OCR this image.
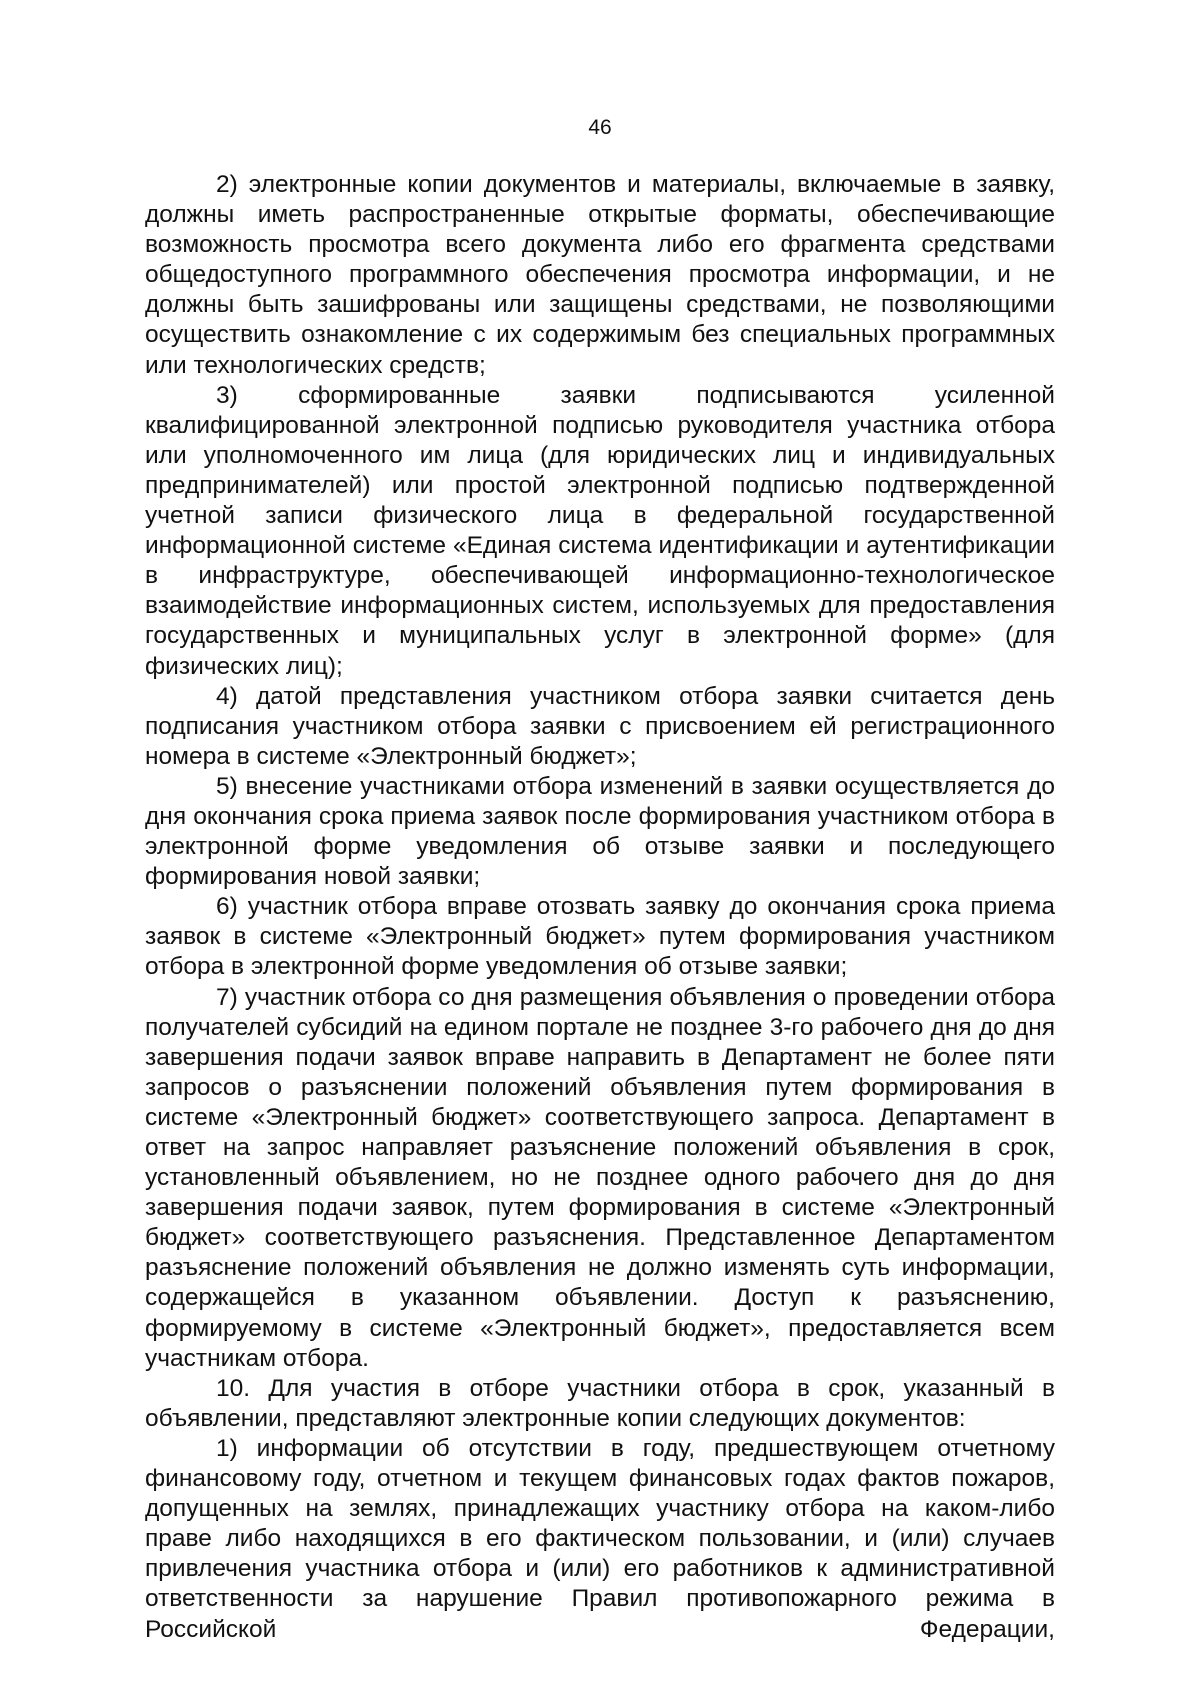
46

2) электронные копии документов и материалы, включаемые в заявку, должны иметь распространенные открытые форматы, обеспечивающие возможность просмотра всего документа либо его фрагмента средствами общедоступного программного обеспечения просмотра информации, и не должны быть зашифрованы или защищены средствами, не позволяющими осуществить ознакомление с их содержимым без специальных программных или технологических средств;

3) сформированные заявки подписываются усиленной квалифицированной электронной подписью руководителя участника отбора или уполномоченного им лица (для юридических лиц и индивидуальных предпринимателей) или простой электронной подписью подтвержденной учетной записи физического лица в федеральной государственной информационной системе «Единая система идентификации и аутентификации в инфраструктуре, обеспечивающей информационно-технологическое взаимодействие информационных систем, используемых для предоставления государственных и муниципальных услуг в электронной форме» (для физических лиц);

4) датой представления участником отбора заявки считается день подписания участником отбора заявки с присвоением ей регистрационного номера в системе «Электронный бюджет»;

5) внесение участниками отбора изменений в заявки осуществляется до дня окончания срока приема заявок после формирования участником отбора в электронной форме уведомления об отзыве заявки и последующего формирования новой заявки;

6) участник отбора вправе отозвать заявку до окончания срока приема заявок в системе «Электронный бюджет» путем формирования участником отбора в электронной форме уведомления об отзыве заявки;

7) участник отбора со дня размещения объявления о проведении отбора получателей субсидий на едином портале не позднее 3-го рабочего дня до дня завершения подачи заявок вправе направить в Департамент не более пяти запросов о разъяснении положений объявления путем формирования в системе «Электронный бюджет» соответствующего запроса. Департамент в ответ на запрос направляет разъяснение положений объявления в срок, установленный объявлением, но не позднее одного рабочего дня до дня завершения подачи заявок, путем формирования в системе «Электронный бюджет» соответствующего разъяснения. Представленное Департаментом разъяснение положений объявления не должно изменять суть информации, содержащейся в указанном объявлении. Доступ к разъяснению, формируемому в системе «Электронный бюджет», предоставляется всем участникам отбора.

10. Для участия в отборе участники отбора в срок, указанный в объявлении, представляют электронные копии следующих документов:

1) информации об отсутствии в году, предшествующем отчетному финансовому году, отчетном и текущем финансовых годах фактов пожаров, допущенных на землях, принадлежащих участнику отбора на каком-либо праве либо находящихся в его фактическом пользовании, и (или) случаев привлечения участника отбора и (или) его работников к административной ответственности за нарушение Правил противопожарного режима в Российской Федерации,
